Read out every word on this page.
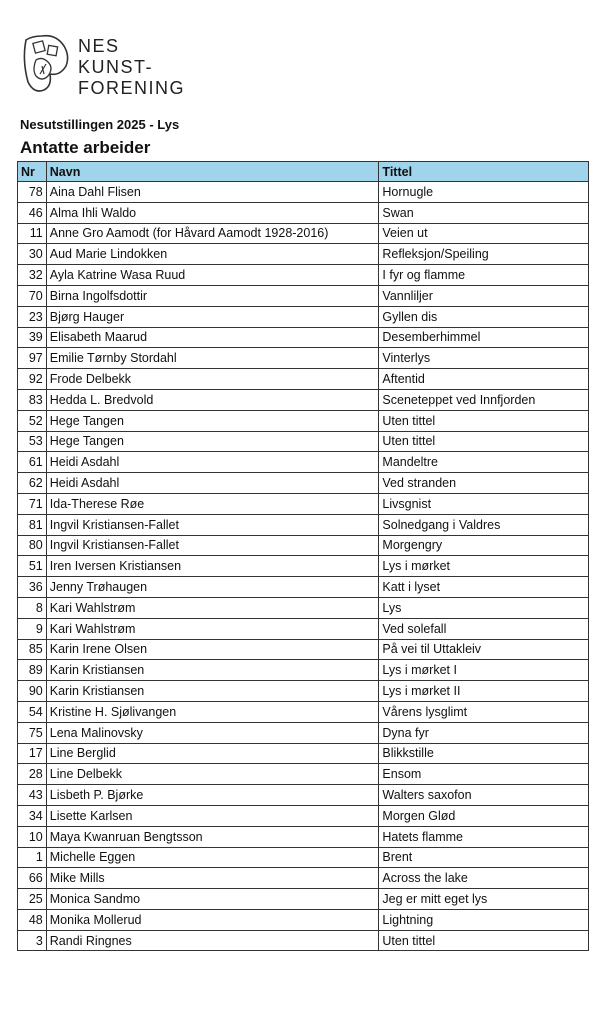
NES
KUNST-
FORENING
Nesutstillingen 2025 - Lys
Antatte arbeider
Nr	Navn	Tittel
78	Aina Dahl Flisen	Hornugle
46	Alma Ihli Waldo	Swan
11	Anne Gro Aamodt (for Håvard Aamodt 1928-2016)	Veien ut
30	Aud Marie Lindokken	Refleksjon/Speiling
32	Ayla Katrine Wasa Ruud	I fyr og flamme
70	Birna Ingolfsdottir	Vannliljer
23	Bjørg Hauger	Gyllen dis
39	Elisabeth Maarud	Desemberhimmel
97	Emilie Tørnby Stordahl	Vinterlys
92	Frode Delbekk	Aftentid
83	Hedda L. Bredvold	Sceneteppet ved Innfjorden
52	Hege Tangen	Uten tittel
53	Hege Tangen	Uten tittel
61	Heidi Asdahl	Mandeltre
62	Heidi Asdahl	Ved stranden
71	Ida-Therese Røe	Livsgnist
81	Ingvil Kristiansen-Fallet	Solnedgang i Valdres
80	Ingvil Kristiansen-Fallet	Morgengry
51	Iren Iversen Kristiansen	Lys i mørket
36	Jenny Trøhaugen	Katt i lyset
8	Kari Wahlstrøm	Lys
9	Kari Wahlstrøm	Ved solefall
85	Karin Irene Olsen	På vei til Uttakleiv
89	Karin Kristiansen	Lys i mørket I
90	Karin Kristiansen	Lys i mørket II
54	Kristine H. Sjølivangen	Vårens lysglimt
75	Lena Malinovsky	Dyna fyr
17	Line Berglid	Blikkstille
28	Line Delbekk	Ensom
43	Lisbeth P. Bjørke	Walters saxofon
34	Lisette Karlsen	Morgen Glød
10	Maya Kwanruan Bengtsson	Hatets flamme
1	Michelle Eggen	Brent
66	Mike Mills	Across the lake
25	Monica Sandmo	Jeg er mitt eget lys
48	Monika Mollerud	Lightning
3	Randi Ringnes	Uten tittel
